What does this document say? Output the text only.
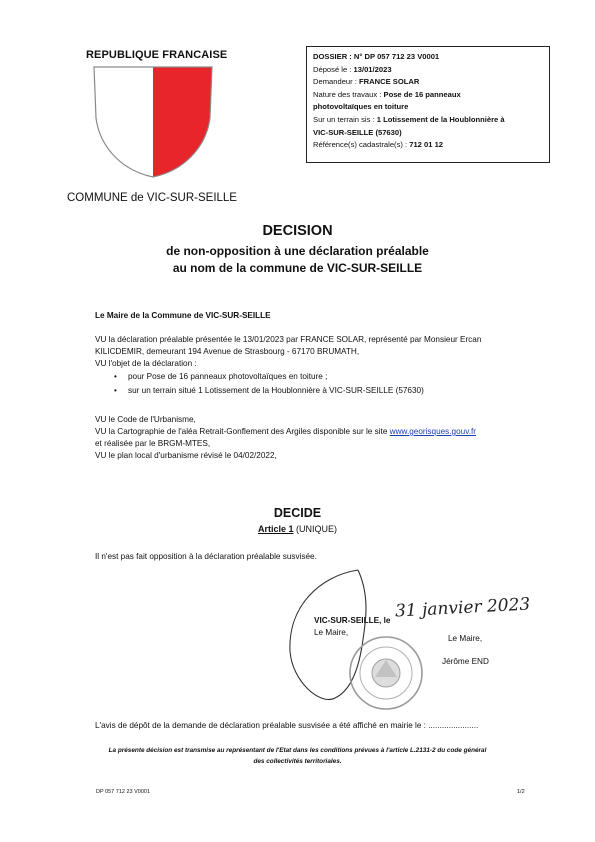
REPUBLIQUE FRANCAISE
COMMUNE de VIC-SUR-SEILLE
DOSSIER : N° DP 057 712 23 V0001
Déposé le : 13/01/2023
Demandeur : FRANCE SOLAR
Nature des travaux : Pose de 16 panneaux
photovoltaïques en toiture
Sur un terrain sis : 1 Lotissement de la Houblonnière à
VIC-SUR-SEILLE (57630)
Référence(s) cadastrale(s) : 712 01 12
DECISION
de non-opposition à une déclaration préalable
au nom de la commune de VIC-SUR-SEILLE
Le Maire de la Commune de VIC-SUR-SEILLE
VU la déclaration préalable présentée le 13/01/2023 par FRANCE SOLAR, représenté par Monsieur Ercan
KILICDEMIR, demeurant 194 Avenue de Strasbourg - 67170 BRUMATH,
VU l'objet de la déclaration :
• pour Pose de 16 panneaux photovoltaïques en toiture ;
• sur un terrain situé 1 Lotissement de la Houblonnière à VIC-SUR-SEILLE (57630)
VU le Code de l'Urbanisme,
VU la Cartographie de l'aléa Retrait-Gonflement des Argiles disponible sur le site www.georisques.gouv.fr
et réalisée par le BRGM-MTES,
VU le plan local d'urbanisme révisé le 04/02/2022,
DECIDE
Article 1 (UNIQUE)
Il n'est pas fait opposition à la déclaration préalable susvisée.
VIC-SUR-SEILLE, le 31 janvier 2023
Le Maire,
Le Maire,
Jérôme END
L'avis de dépôt de la demande de déclaration préalable susvisée a été affiché en mairie le : ......................
La présente décision est transmise au représentant de l'Etat dans les conditions prévues à l'article L.2131-2 du code général
des collectivités territoriales.
DP 057 712 23 V0001	1/2
